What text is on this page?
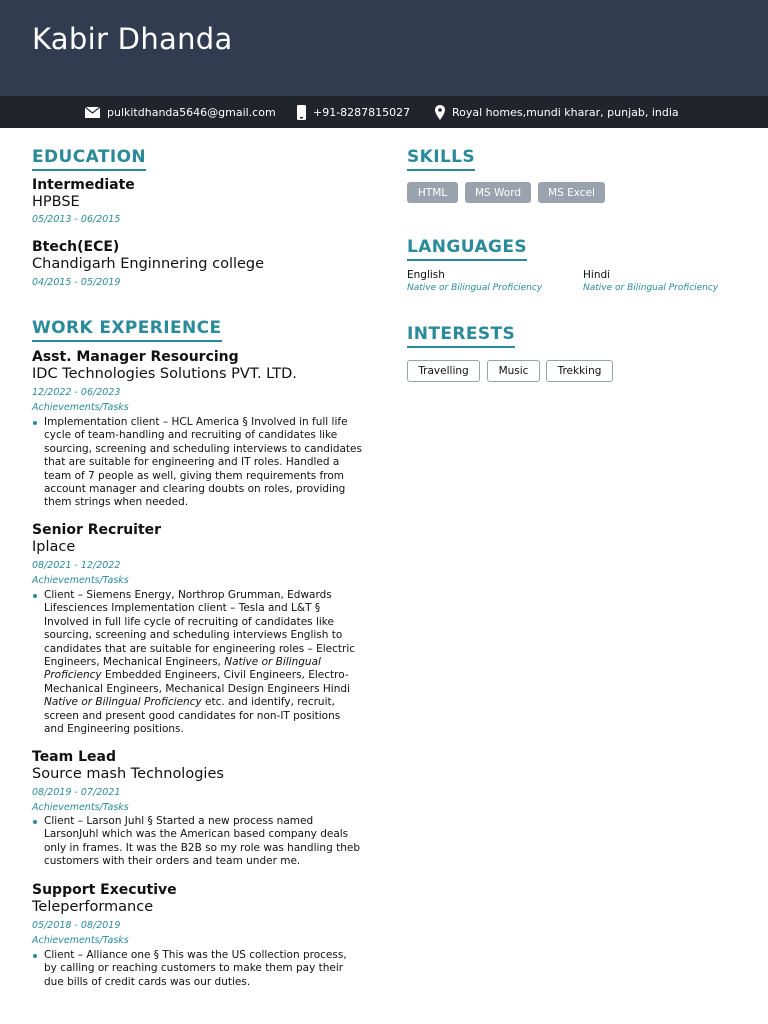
Kabir Dhanda
pulkitdhanda5646@gmail.com	+91-8287815027	Royal homes,mundi kharar, punjab, india
EDUCATION
Intermediate
HPBSE
05/2013 - 06/2015
Btech(ECE)
Chandigarh Enginnering college
04/2015 - 05/2019
WORK EXPERIENCE
Asst. Manager Resourcing
IDC Technologies Solutions PVT. LTD.
12/2022 - 06/2023
Achievements/Tasks
Implementation client – HCL America § Involved in full life cycle of team-handling and recruiting of candidates like sourcing, screening and scheduling interviews to candidates that are suitable for engineering and IT roles. Handled a team of 7 people as well, giving them requirements from account manager and clearing doubts on roles, providing them strings when needed.
Senior Recruiter
Iplace
08/2021 - 12/2022
Achievements/Tasks
Client – Siemens Energy, Northrop Grumman, Edwards Lifesciences Implementation client – Tesla and L&T § Involved in full life cycle of recruiting of candidates like sourcing, screening and scheduling interviews English to candidates that are suitable for engineering roles – Electric Engineers, Mechanical Engineers, Native or Bilingual Proficiency Embedded Engineers, Civil Engineers, Electro-Mechanical Engineers, Mechanical Design Engineers Hindi Native or Bilingual Proficiency etc. and identify, recruit, screen and present good candidates for non-IT positions and Engineering positions.
Team Lead
Source mash Technologies
08/2019 - 07/2021
Achievements/Tasks
Client – Larson Juhl § Started a new process named LarsonJuhl which was the American based company deals only in frames. It was the B2B so my role was handling theb customers with their orders and team under me.
Support Executive
Teleperformance
05/2018 - 08/2019
Achievements/Tasks
Client – Alliance one § This was the US collection process, by calling or reaching customers to make them pay their due bills of credit cards was our duties.
SKILLS
HTML	MS Word	MS Excel
LANGUAGES
English
Native or Bilingual Proficiency
Hindi
Native or Bilingual Proficiency
INTERESTS
Travelling	Music	Trekking
